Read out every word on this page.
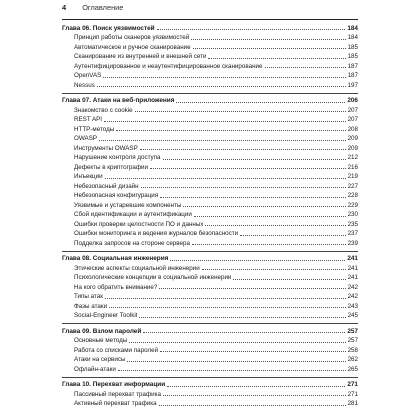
4 Оглавление
Глава 06. Поиск уязвимостей	184
Принцип работы сканеров уязвимостей	184
Автоматическое и ручное сканирование	185
Сканирование из внутренней и внешней сети	185
Аутентифицированное и неаутентифицированное сканирование	187
OpenVAS	187
Nessus	197
Глава 07. Атаки на веб-приложения	206
Знакомство с cookie	207
REST API	207
HTTP-методы	208
OWASP	209
Инструменты OWASP	209
Нарушение контроля доступа	212
Дефекты в криптографии	216
Инъекции	219
Небезопасный дизайн	227
Небезопасная конфигурация	228
Уязвимые и устаревшие компоненты	229
Сбой идентификации и аутентификации	230
Ошибки проверки целостности ПО и данных	235
Ошибки мониторинга и ведения журналов безопасности	237
Подделка запросов на стороне сервера	239
Глава 08. Социальная инженерия	241
Этические аспекты социальной инженерии	241
Психологические концепции в социальной инженерии	241
На кого обратить внимание?	242
Типы атак	242
Фазы атаки	243
Social-Engineer Toolkit	245
Глава 09. Взлом паролей	257
Основные методы	257
Работа со списками паролей	258
Атаки на сервисы	262
Офлайн-атаки	265
Глава 10. Перехват информации	271
Пассивный перехват трафика	271
Активный перехват трафика	281
